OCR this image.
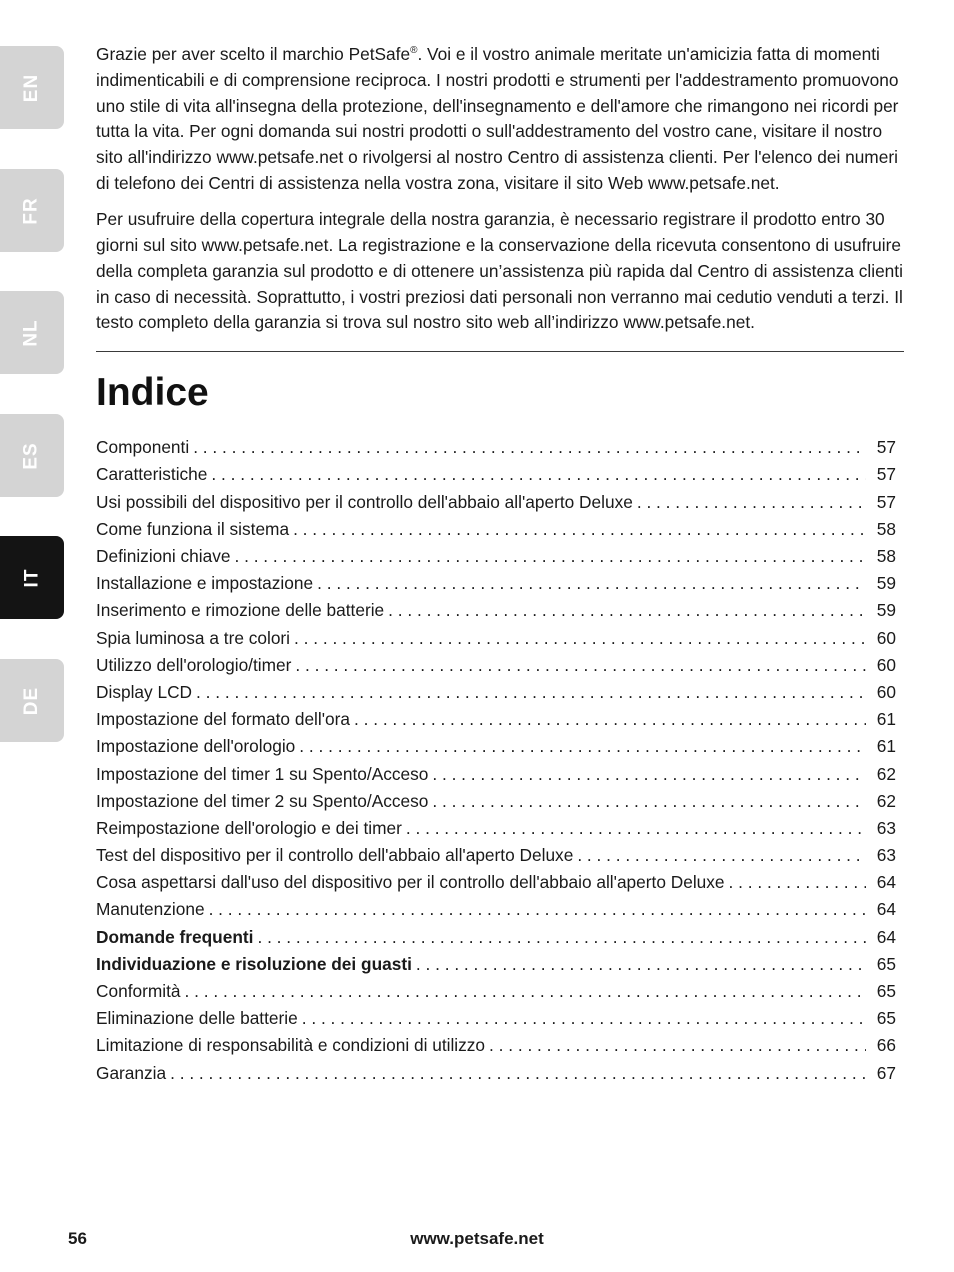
EN
FR
NL
ES
IT
DE

Grazie per aver scelto il marchio PetSafe®. Voi e il vostro animale meritate un'amicizia fatta di momenti indimenticabili e di comprensione reciproca. I nostri prodotti e strumenti per l'addestramento promuovono uno stile di vita all'insegna della protezione, dell'insegnamento e dell'amore che rimangono nei ricordi per tutta la vita. Per ogni domanda sui nostri prodotti o sull'addestramento del vostro cane, visitare il nostro sito all'indirizzo www.petsafe.net o rivolgersi al nostro Centro di assistenza clienti. Per l'elenco dei numeri di telefono dei Centri di assistenza nella vostra zona, visitare il sito Web www.petsafe.net.

Per usufruire della copertura integrale della nostra garanzia, è necessario registrare il prodotto entro 30 giorni sul sito www.petsafe.net. La registrazione e la conservazione della ricevuta consentono di usufruire della completa garanzia sul prodotto e di ottenere un’assistenza più rapida dal Centro di assistenza clienti in caso di necessità. Soprattutto, i vostri preziosi dati personali non verranno mai cedutio venduti a terzi. Il testo completo della garanzia si trova sul nostro sito web all’indirizzo www.petsafe.net.

Indice
Componenti . . .	57
Caratteristiche . . .	57
Usi possibili del dispositivo per il controllo dell'abbaio all'aperto Deluxe . . .	57
Come funziona il sistema . . .	58
Definizioni chiave . . .	58
Installazione e impostazione . . .	59
Inserimento e rimozione delle batterie . . .	59
Spia luminosa a tre colori . . .	60
Utilizzo dell'orologio/timer . . .	60
Display LCD . . .	60
Impostazione del formato dell'ora . . .	61
Impostazione dell'orologio . . .	61
Impostazione del timer 1 su Spento/Acceso . . .	62
Impostazione del timer 2 su Spento/Acceso . . .	62
Reimpostazione dell'orologio e dei timer . . .	63
Test del dispositivo per il controllo dell'abbaio all'aperto Deluxe . . .	63
Cosa aspettarsi dall'uso del dispositivo per il controllo dell'abbaio all'aperto Deluxe . . .	64
Manutenzione . . .	64
Domande frequenti . . .	64
Individuazione e risoluzione dei guasti . . .	65
Conformità . . .	65
Eliminazione delle batterie . . .	65
Limitazione di responsabilità e condizioni di utilizzo . . .	66
Garanzia . . .	67
56	www.petsafe.net
